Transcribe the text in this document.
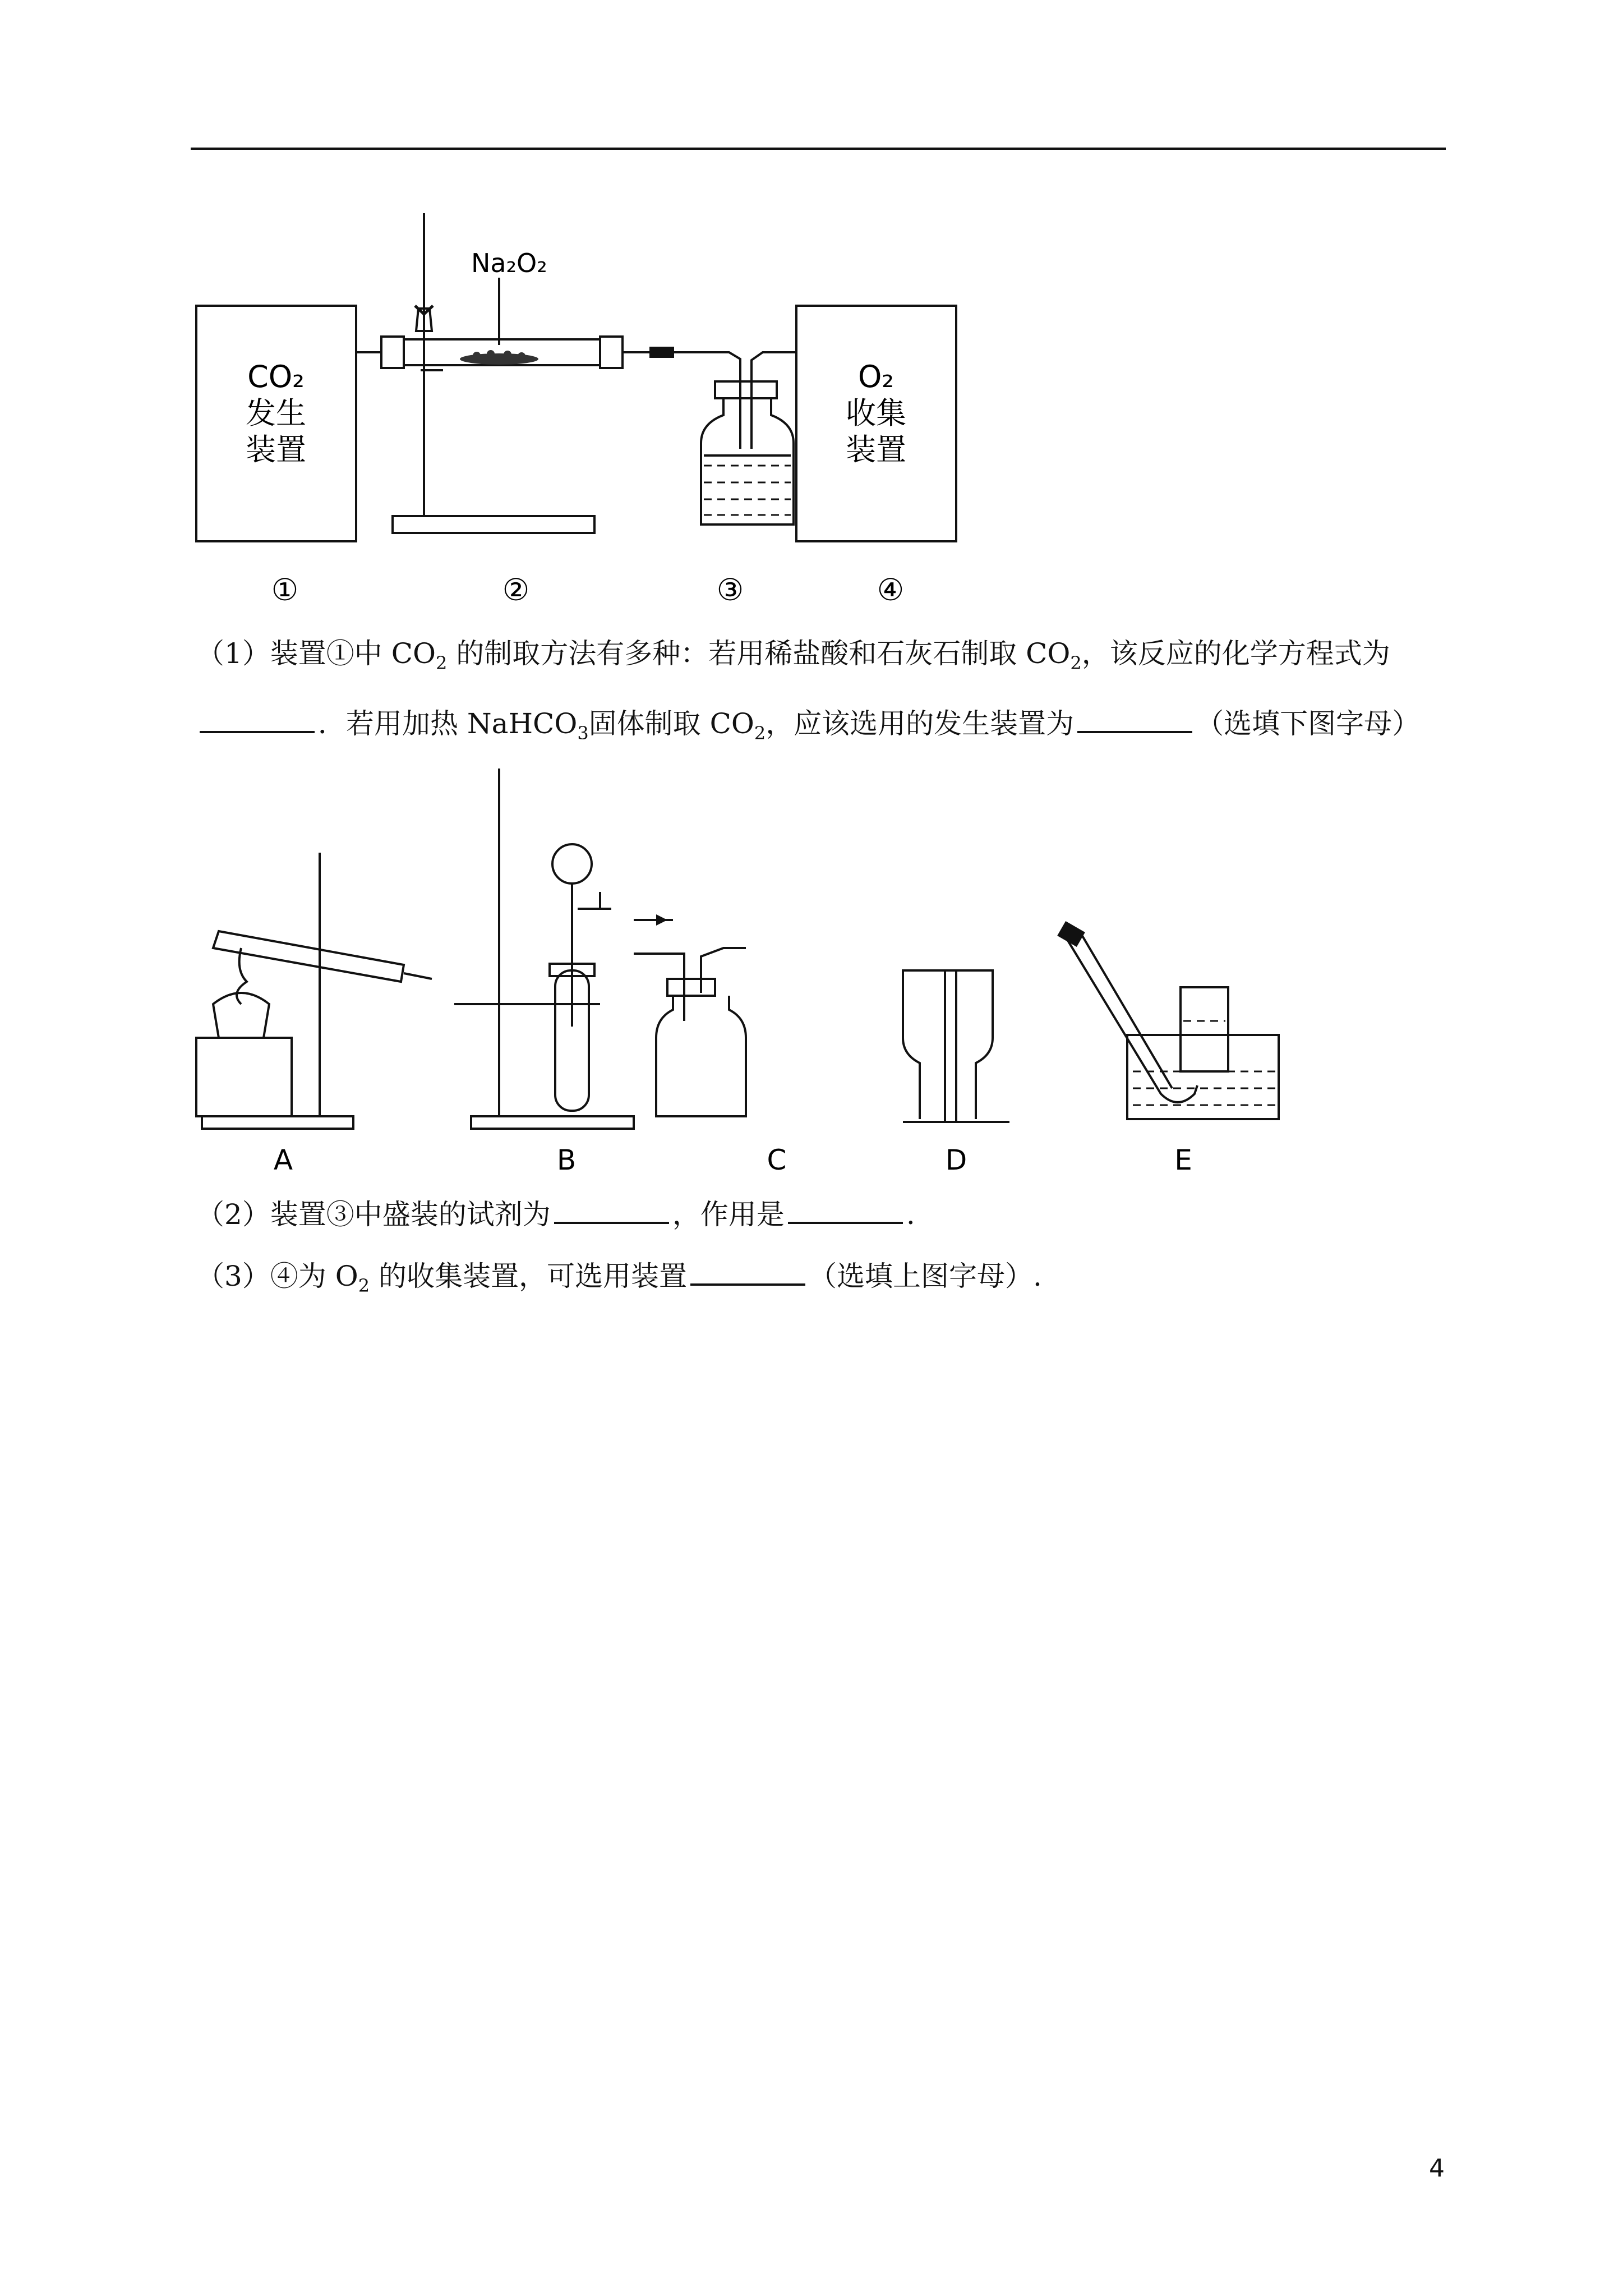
Na₂O₂
CO₂
发生
装置
O₂
收集
装置
①	②	③	④
（1）装置①中 $CO_2$ 的制取方法有多种：若用稀盐酸和石灰石制取 $CO_2$，该反应的化学方程式为
．若用加热 NaHCO$_3$固体制取 $CO_2$，应该选用的发生装置为	（选填下图字母）
A	B	C	D	E
（2）装置③中盛装的试剂为	，作用是	.
（3）④为 $O_2$ 的收集装置，可选用装置	（选填上图字母）.
4
